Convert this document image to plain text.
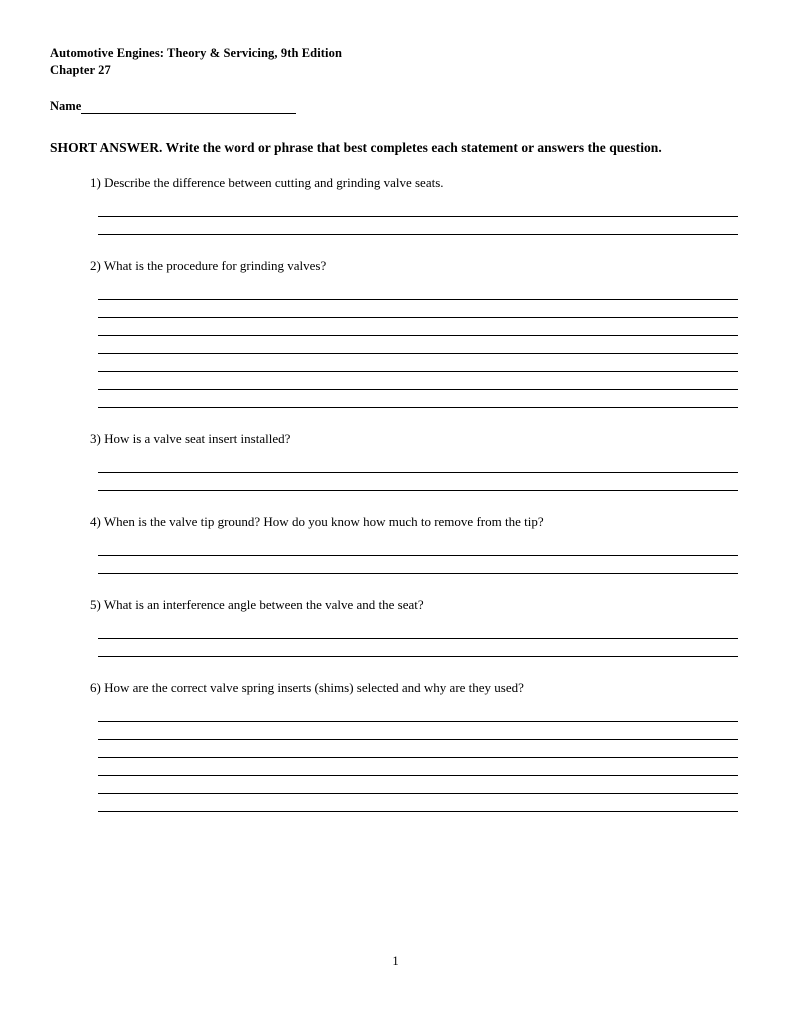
Automotive Engines: Theory & Servicing, 9th Edition
Chapter 27
Name
SHORT ANSWER. Write the word or phrase that best completes each statement or answers the question.
1) Describe the difference between cutting and grinding valve seats.
2) What is the procedure for grinding valves?
3) How is a valve seat insert installed?
4) When is the valve tip ground? How do you know how much to remove from the tip?
5) What is an interference angle between the valve and the seat?
6) How are the correct valve spring inserts (shims) selected and why are they used?
1
